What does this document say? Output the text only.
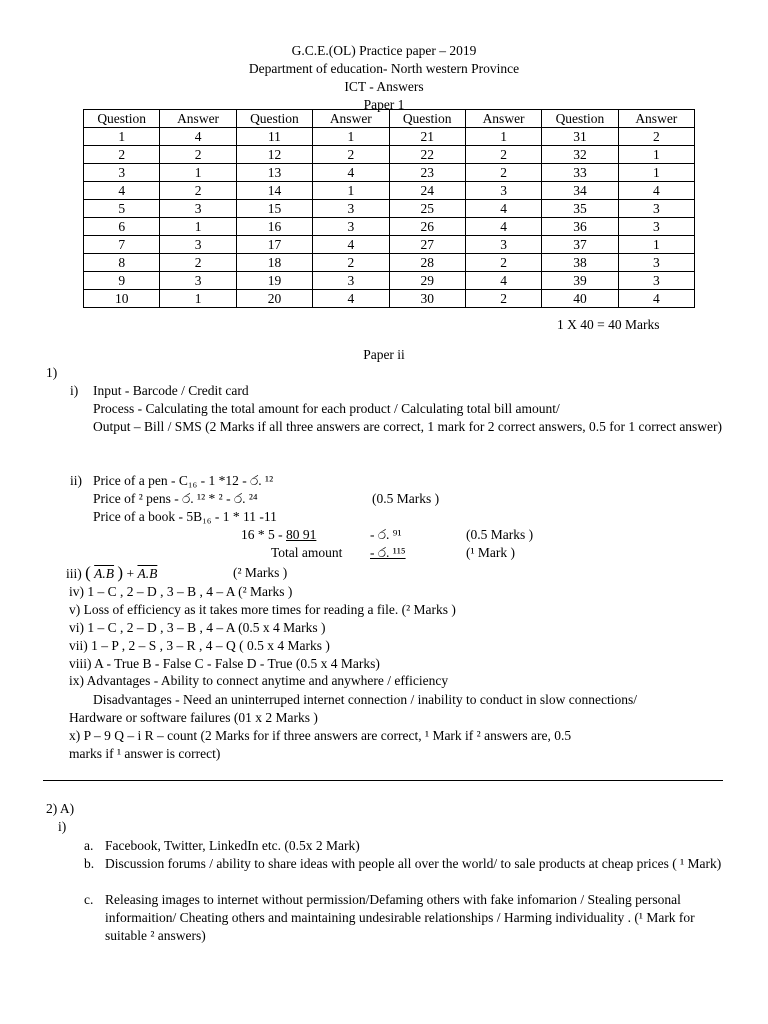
G.C.E.(OL) Practice paper – 2019
Department of education- North western Province
ICT - Answers
Paper 1
Question	Answer	Question	Answer	Question	Answer	Question	Answer
1	4	11	1	21	1	31	2
2	2	12	2	22	2	32	1
3	1	13	4	23	2	33	1
4	2	14	1	24	3	34	4
5	3	15	3	25	4	35	3
6	1	16	3	26	4	36	3
7	3	17	4	27	3	37	1
8	2	18	2	28	2	38	3
9	3	19	3	29	4	39	3
10	1	20	4	30	2	40	4
1 X 40 = 40 Marks
Paper ii
1)
i) Input - Barcode / Credit card
Process - Calculating the total amount for each product / Calculating total bill amount/
Output – Bill / SMS (2 Marks if all three answers are correct, 1 mark for 2 correct answers, 0.5 for 1 correct answer)
ii) Price of a pen - C₁₆ - 1 *12 - ර. ¹²
Price of ² pens - ර. ¹² * ² - ර. ²⁴	(0.5 Marks )
Price of a book - 5B₁₆ - 1 * 11 -11
16 * 5 - 80 91	- ර. ⁹¹	(0.5 Marks )
Total amount - ර. ¹¹⁵	(¹ Mark )
iii) ( A.B ) + A.B	(² Marks )
iv) 1 – C , 2 – D , 3 – B , 4 – A (² Marks )
v) Loss of efficiency as it takes more times for reading a file. (² Marks )
vi) 1 – C , 2 – D , 3 – B , 4 – A (0.5 x 4 Marks )
vii) 1 – P , 2 – S , 3 – R , 4 – Q ( 0.5 x 4 Marks )
viii) A - True B - False C - False D - True (0.5 x 4 Marks)
ix) Advantages - Ability to connect anytime and anywhere / efficiency
Disadvantages - Need an uninterruped internet connection / inability to conduct in slow connections/
Hardware or software failures (01 x 2 Marks )
x) P – 9 Q – i R – count (2 Marks for if three answers are correct, ¹ Mark if ² answers are, 0.5
marks if ¹ answer is correct)
2) A)
i)
a. Facebook, Twitter, LinkedIn etc. (0.5x 2 Mark)
b. Discussion forums / ability to share ideas with people all over the world/ to sale products at cheap prices ( ¹ Mark)
c. Releasing images to internet without permission/Defaming others with fake infomarion / Stealing personal informaition/ Cheating others and maintaining undesirable relationships / Harming individuality . (¹ Mark for suitable ² answers)
